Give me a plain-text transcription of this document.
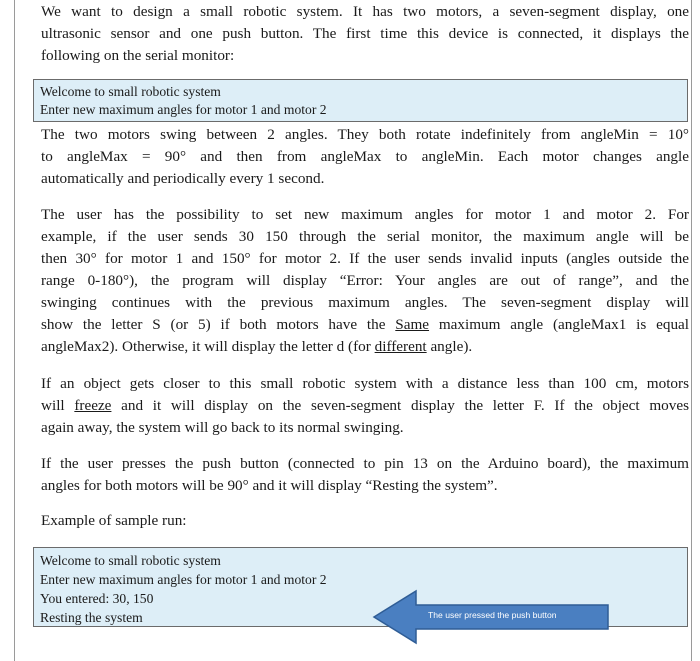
We want to design a small robotic system. It has two motors, a seven-segment display, one
ultrasonic sensor and one push button. The first time this device is connected, it displays the
following on the serial monitor:

Welcome to small robotic system
Enter new maximum angles for motor 1 and motor 2

The two motors swing between 2 angles. They both rotate indefinitely from angleMin = 10°
to angleMax = 90° and then from angleMax to angleMin. Each motor changes angle
automatically and periodically every 1 second.

The user has the possibility to set new maximum angles for motor 1 and motor 2. For
example, if the user sends 30 150 through the serial monitor, the maximum angle will be
then 30° for motor 1 and 150° for motor 2. If the user sends invalid inputs (angles outside the
range 0-180°), the program will display “Error: Your angles are out of range”, and the
swinging continues with the previous maximum angles. The seven-segment display will
show the letter S (or 5) if both motors have the Same maximum angle (angleMax1 is equal
angleMax2). Otherwise, it will display the letter d (for different angle).

If an object gets closer to this small robotic system with a distance less than 100 cm, motors
will freeze and it will display on the seven-segment display the letter F. If the object moves
again away, the system will go back to its normal swinging.

If the user presses the push button (connected to pin 13 on the Arduino board), the maximum
angles for both motors will be 90° and it will display “Resting the system”.

Example of sample run:

Welcome to small robotic system
Enter new maximum angles for motor 1 and motor 2
You entered: 30, 150
Resting the system	The user pressed the push button
